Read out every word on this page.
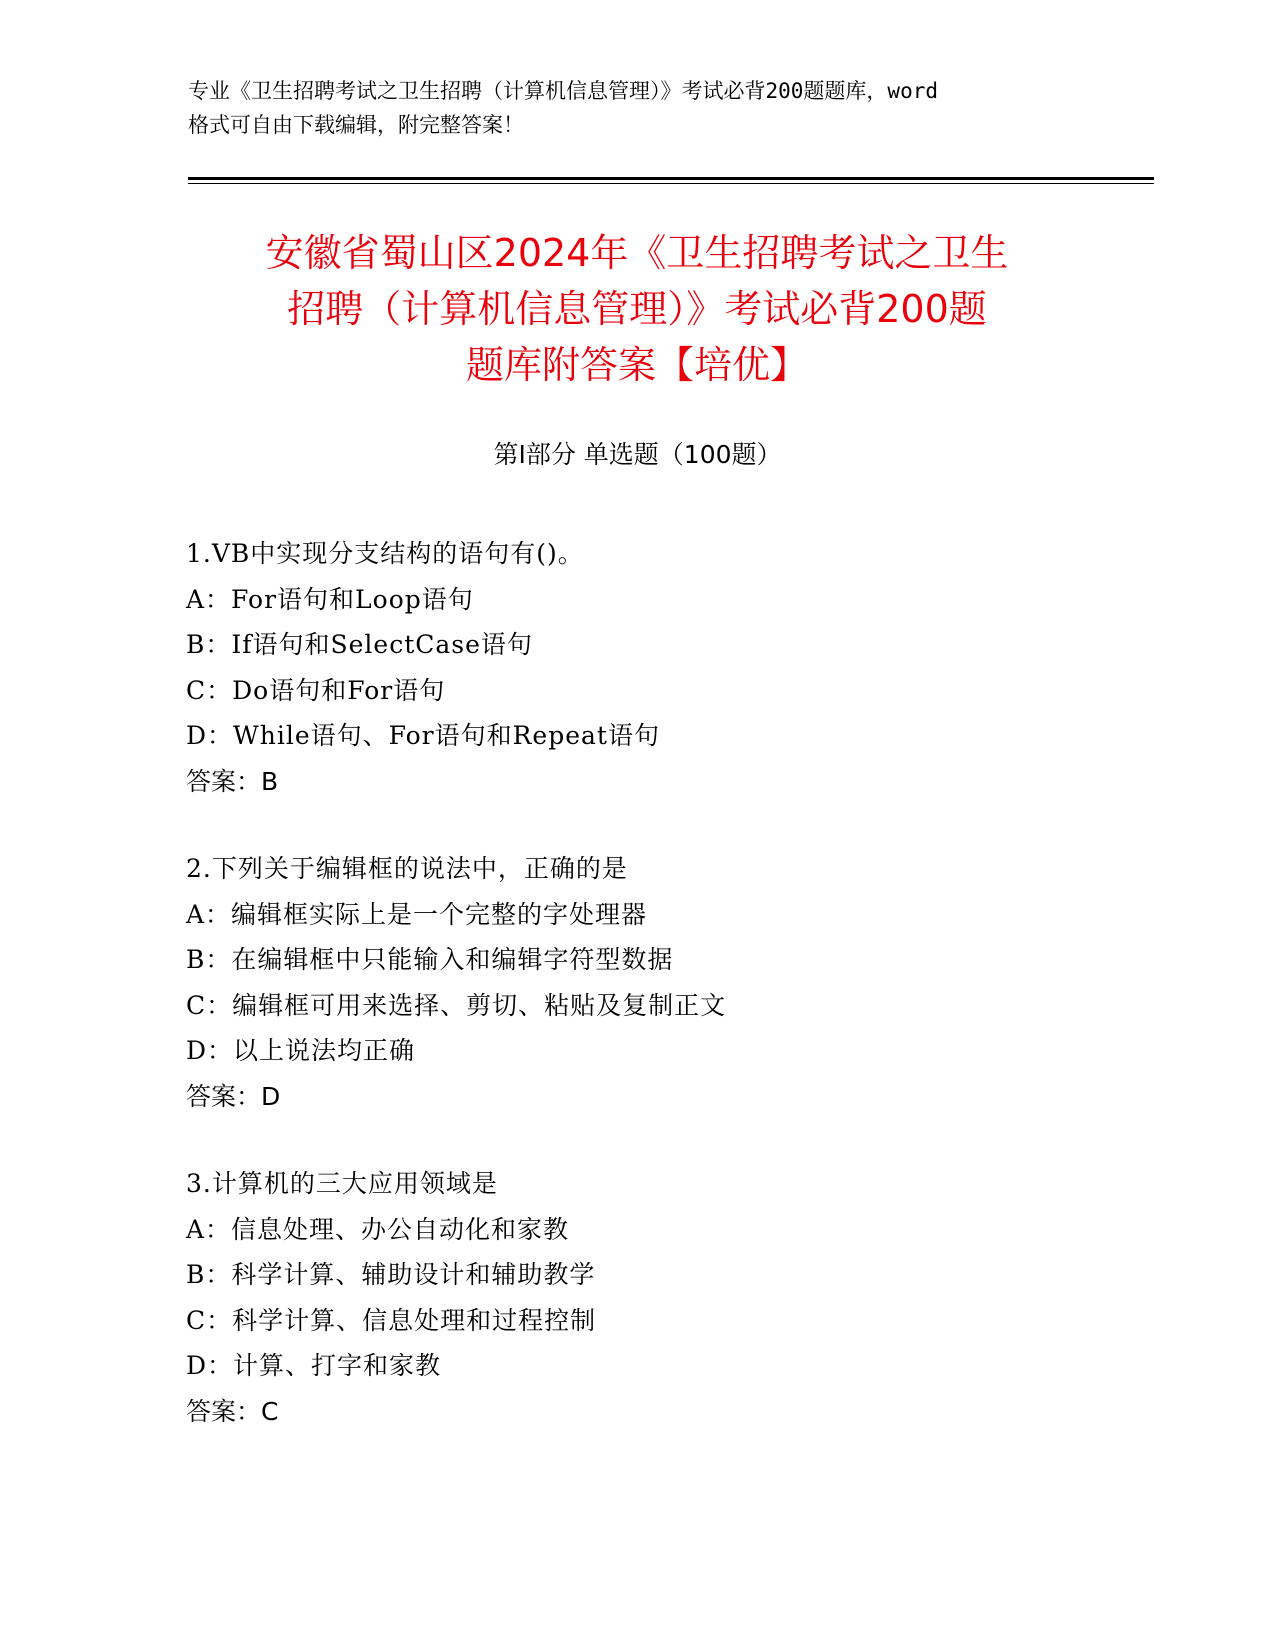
专业《卫生招聘考试之卫生招聘（计算机信息管理）》考试必背200题题库，word
格式可自由下载编辑，附完整答案！
安徽省蜀山区2024年《卫生招聘考试之卫生
招聘（计算机信息管理）》考试必背200题
题库附答案【培优】
第Ⅰ部分 单选题（100题）
1.VB中实现分支结构的语句有()。
A：For语句和Loop语句
B：If语句和SelectCase语句
C：Do语句和For语句
D：While语句、For语句和Repeat语句
答案：B
2.下列关于编辑框的说法中，正确的是
A：编辑框实际上是一个完整的字处理器
B：在编辑框中只能输入和编辑字符型数据
C：编辑框可用来选择、剪切、粘贴及复制正文
D：以上说法均正确
答案：D
3.计算机的三大应用领域是
A：信息处理、办公自动化和家教
B：科学计算、辅助设计和辅助教学
C：科学计算、信息处理和过程控制
D：计算、打字和家教
答案：C
